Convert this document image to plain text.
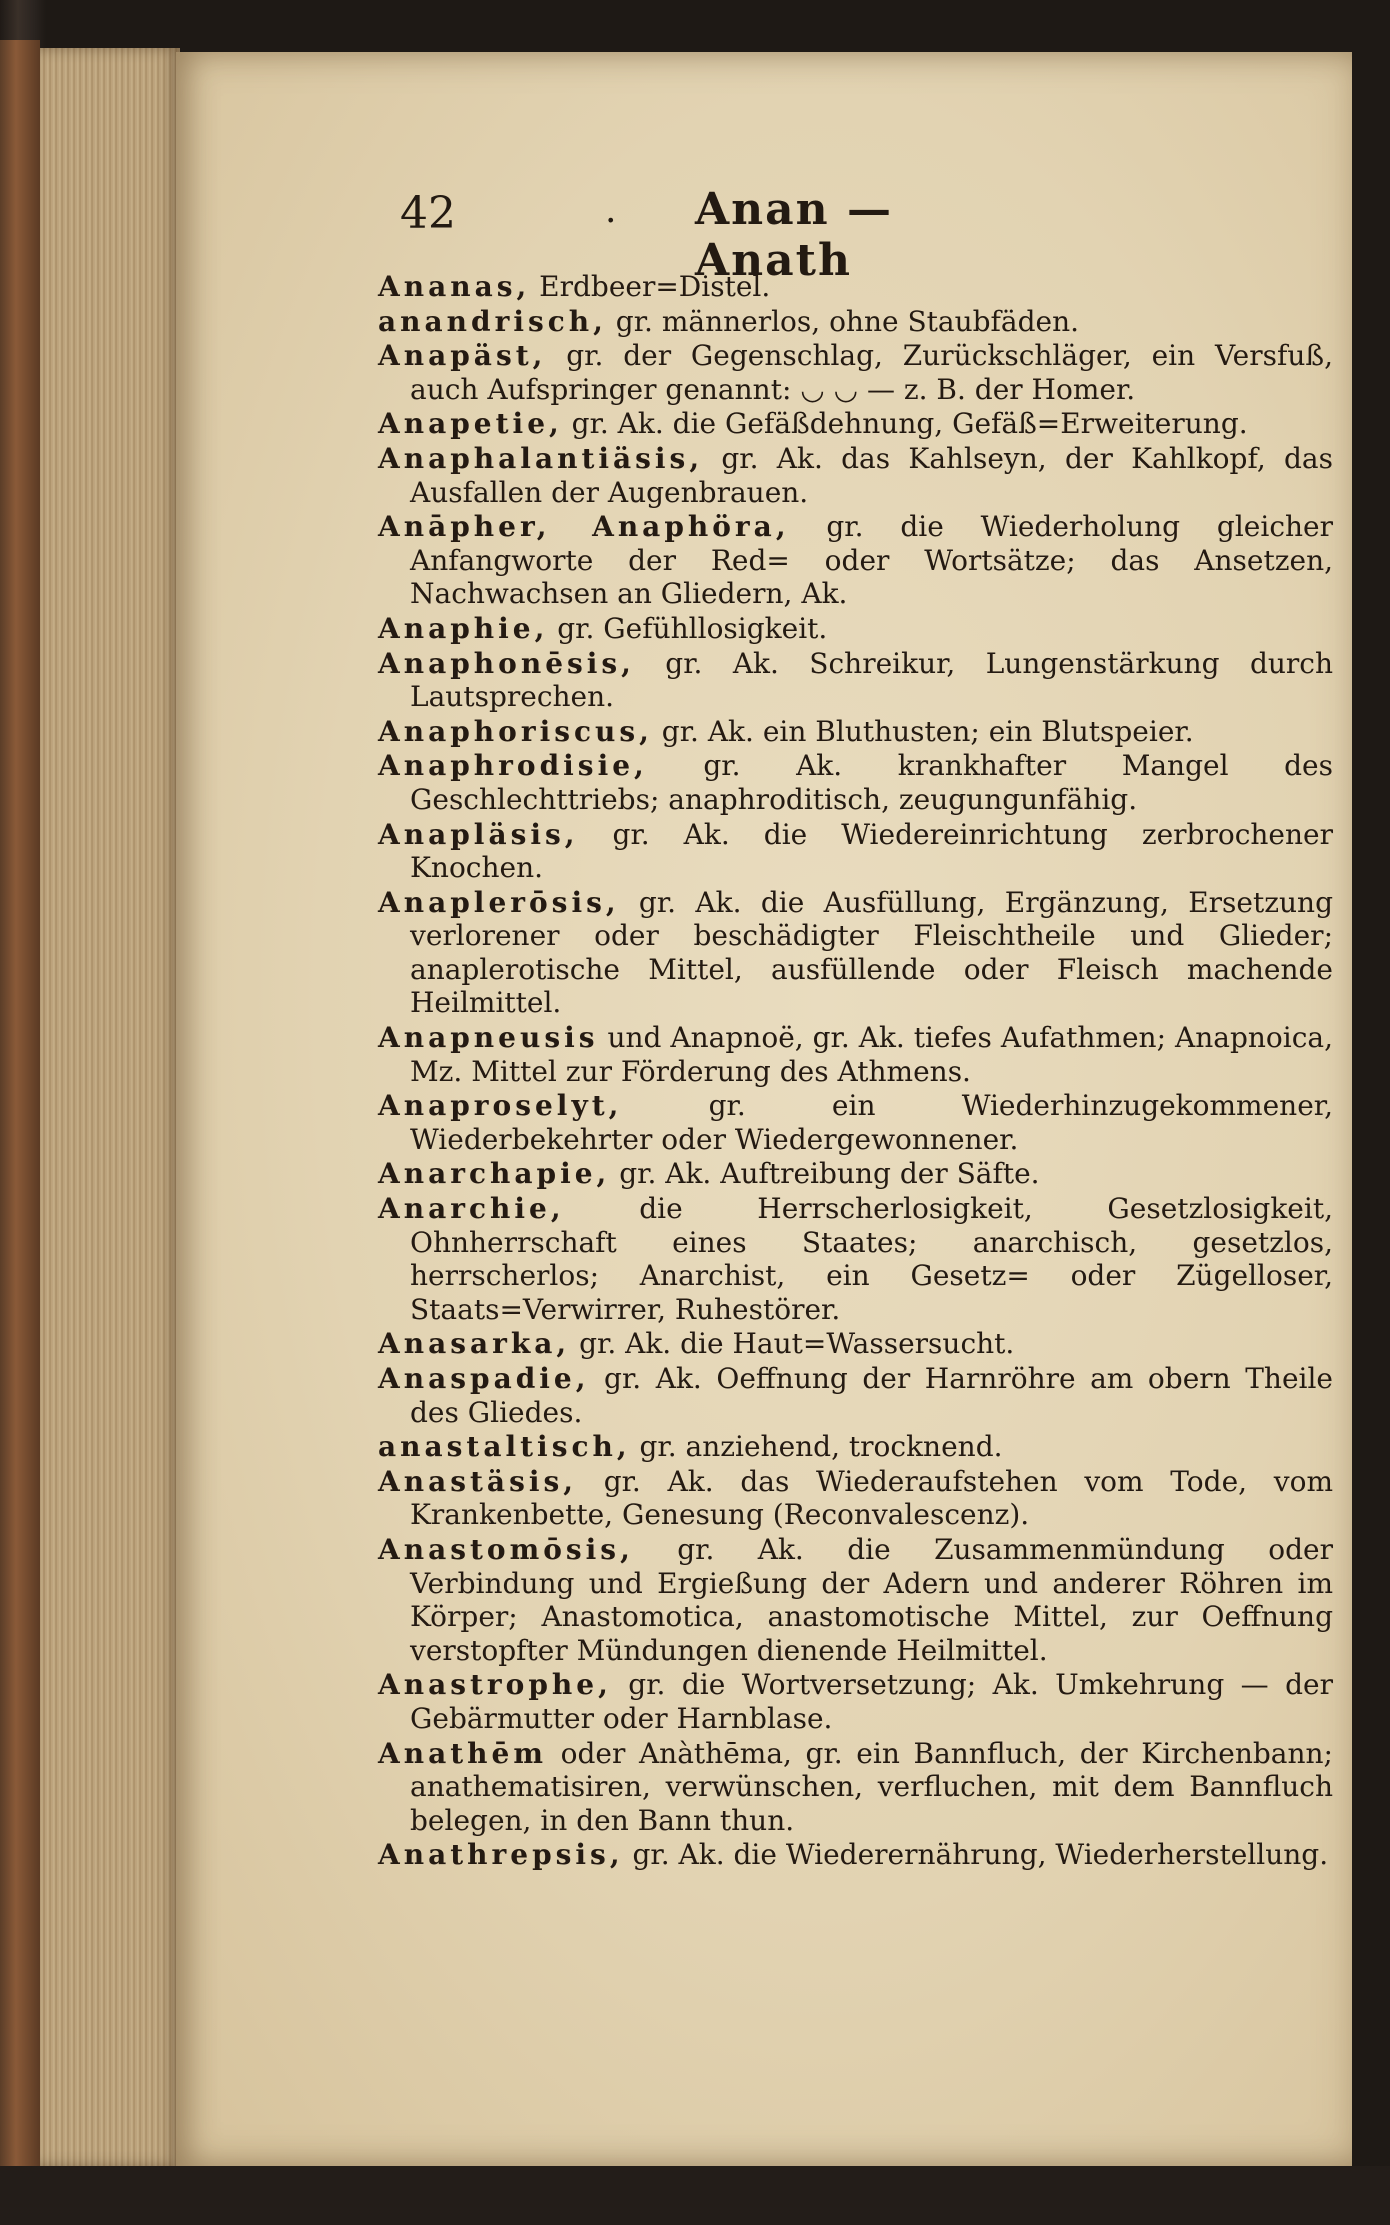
42	. Anan — Anath

Ananas, Erdbeer=Distel.

anandrisch, gr. männerlos, ohne Staubfäden.

Anapäst, gr. der Gegenschlag, Zurückschläger, ein Versfuß, auch Aufspringer genannt: ◡ ◡ — z. B. der Homer.

Anapetie, gr. Ak. die Gefäßdehnung, Gefäß=Erweiterung.

Anaphalantiäsis, gr. Ak. das Kahlseyn, der Kahlkopf, das Ausfallen der Augenbrauen.

Anāpher, Anaphöra, gr. die Wiederholung gleicher Anfangworte der Red= oder Wortsätze; das Ansetzen, Nachwachsen an Gliedern, Ak.

Anaphie, gr. Gefühllosigkeit.

Anaphonēsis, gr. Ak. Schreikur, Lungenstärkung durch Lautsprechen.

Anaphoriscus, gr. Ak. ein Bluthusten; ein Blutspeier.

Anaphrodisie, gr. Ak. krankhafter Mangel des Geschlechttriebs; anaphroditisch, zeugungunfähig.

Anapläsis, gr. Ak. die Wiedereinrichtung zerbrochener Knochen.

Anaplerōsis, gr. Ak. die Ausfüllung, Ergänzung, Ersetzung verlorener oder beschädigter Fleischtheile und Glieder; anaplerotische Mittel, ausfüllende oder Fleisch machende Heilmittel.

Anapneusis und Anapnoë, gr. Ak. tiefes Aufathmen; Anapnoica, Mz. Mittel zur Förderung des Athmens.

Anaproselyt, gr. ein Wiederhinzugekommener, Wiederbekehrter oder Wiedergewonnener.

Anarchapie, gr. Ak. Auftreibung der Säfte.

Anarchie, die Herrscherlosigkeit, Gesetzlosigkeit, Ohnherrschaft eines Staates; anarchisch, gesetzlos, herrscherlos; Anarchist, ein Gesetz= oder Zügelloser, Staats=Verwirrer, Ruhestörer.

Anasarka, gr. Ak. die Haut=Wassersucht.

Anaspadie, gr. Ak. Oeffnung der Harnröhre am obern Theile des Gliedes.

anastaltisch, gr. anziehend, trocknend.

Anastäsis, gr. Ak. das Wiederaufstehen vom Tode, vom Krankenbette, Genesung (Reconvalescenz).

Anastomōsis, gr. Ak. die Zusammenmündung oder Verbindung und Ergießung der Adern und anderer Röhren im Körper; Anastomotica, anastomotische Mittel, zur Oeffnung verstopfter Mündungen dienende Heilmittel.

Anastrophe, gr. die Wortversetzung; Ak. Umkehrung — der Gebärmutter oder Harnblase.

Anathēm oder Anàthēma, gr. ein Bannfluch, der Kirchenbann; anathematisiren, verwünschen, verfluchen, mit dem Bannfluch belegen, in den Bann thun.

Anathrepsis, gr. Ak. die Wiederernährung, Wiederherstellung.
